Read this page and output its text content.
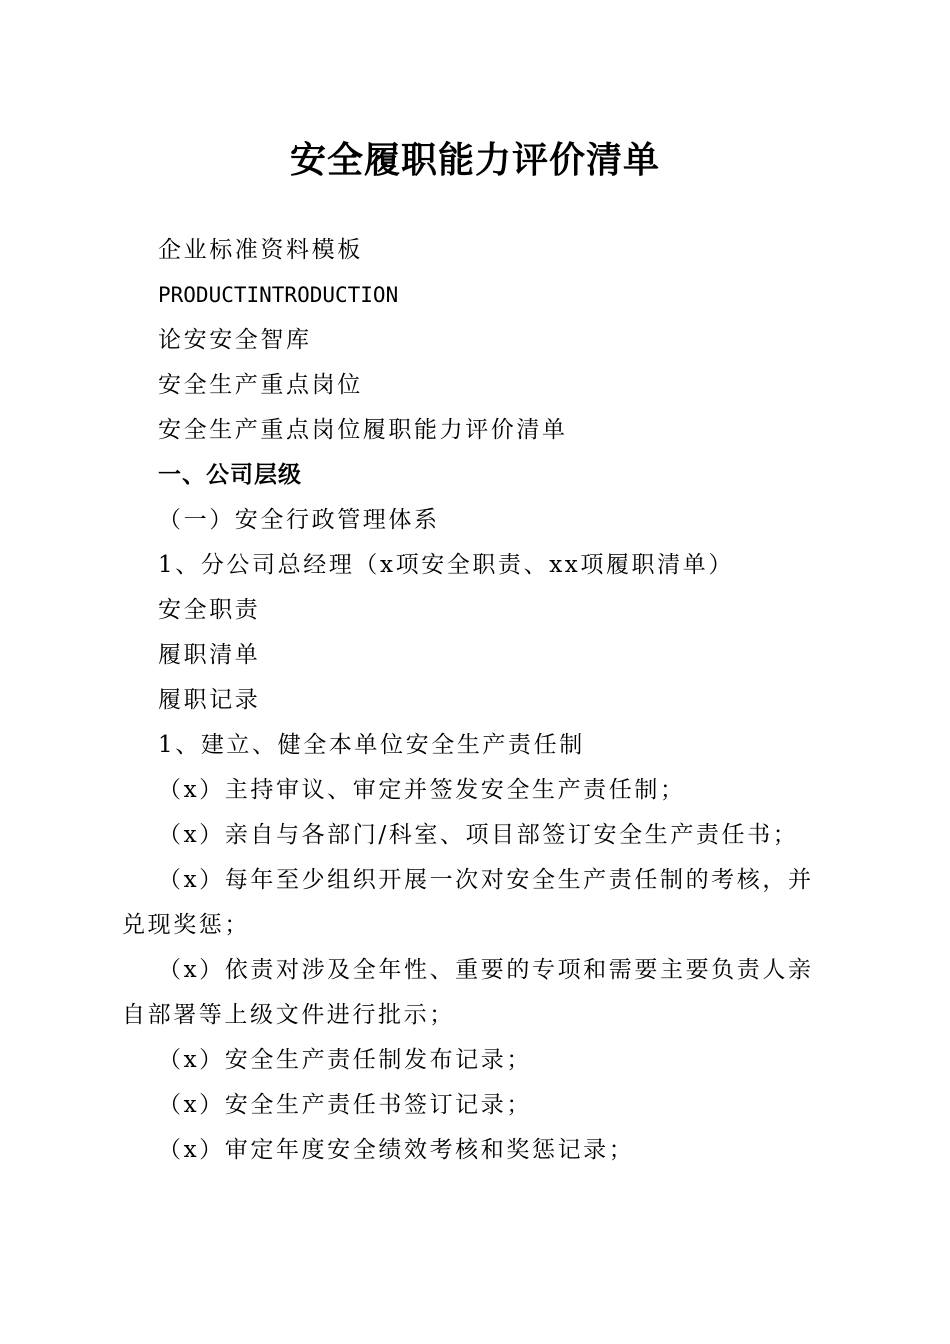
安全履职能力评价清单
企业标准资料模板
PRODUCTINTRODUCTION
论安安全智库
安全生产重点岗位
安全生产重点岗位履职能力评价清单
一、公司层级
（一）安全行政管理体系
1、分公司总经理（x项安全职责、xx项履职清单）
安全职责
履职清单
履职记录
1、建立、健全本单位安全生产责任制
（x）主持审议、审定并签发安全生产责任制；
（x）亲自与各部门/科室、项目部签订安全生产责任书；
（x）每年至少组织开展一次对安全生产责任制的考核，并兑现奖惩；
（x）依责对涉及全年性、重要的专项和需要主要负责人亲自部署等上级文件进行批示；
（x）安全生产责任制发布记录；
（x）安全生产责任书签订记录；
（x）审定年度安全绩效考核和奖惩记录；
